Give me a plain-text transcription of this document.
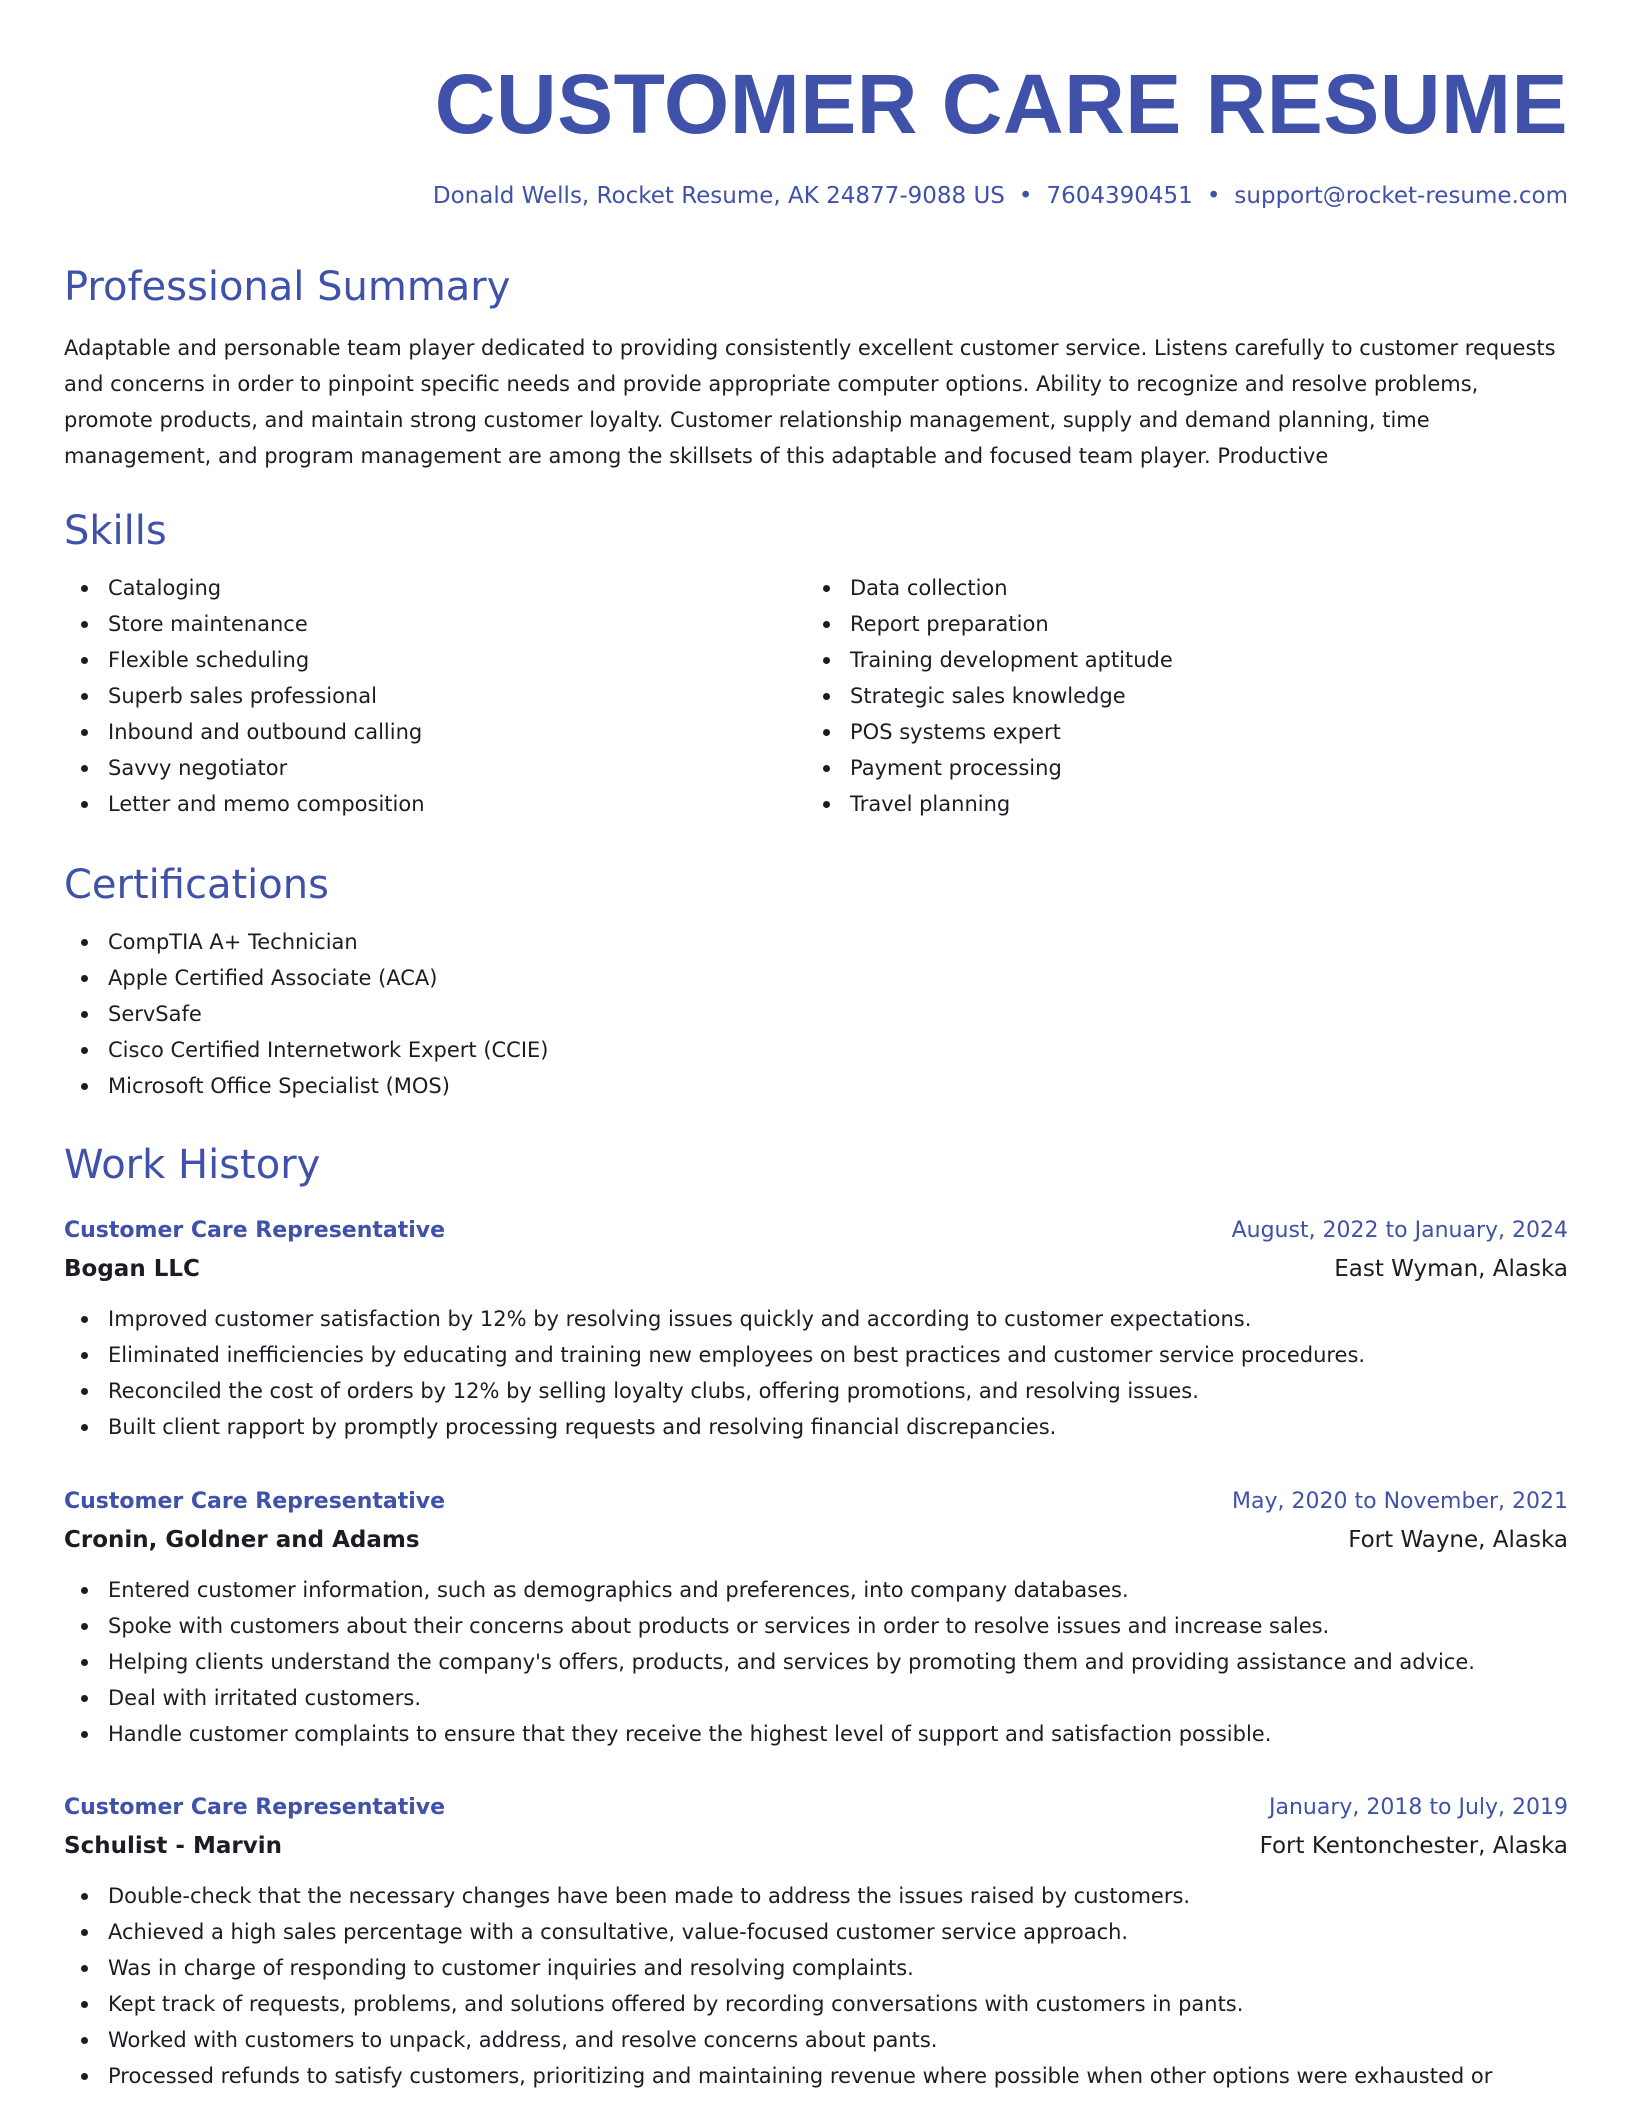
CUSTOMER CARE RESUME
Donald Wells, Rocket Resume, AK 24877-9088 US • 7604390451 • support@rocket-resume.com
Professional Summary

Adaptable and personable team player dedicated to providing consistently excellent customer service. Listens carefully to customer requests and concerns in order to pinpoint specific needs and provide appropriate computer options. Ability to recognize and resolve problems, promote products, and maintain strong customer loyalty. Customer relationship management, supply and demand planning, time management, and program management are among the skillsets of this adaptable and focused team player. Productive

Skills
Cataloging
Store maintenance
Flexible scheduling
Superb sales professional
Inbound and outbound calling
Savvy negotiator
Letter and memo composition
Data collection
Report preparation
Training development aptitude
Strategic sales knowledge
POS systems expert
Payment processing
Travel planning
Certifications
CompTIA A+ Technician
Apple Certified Associate (ACA)
ServSafe
Cisco Certified Internetwork Expert (CCIE)
Microsoft Office Specialist (MOS)
Work History
Customer Care Representative	August, 2022 to January, 2024
Bogan LLC	East Wyman, Alaska
Improved customer satisfaction by 12% by resolving issues quickly and according to customer expectations.
Eliminated inefficiencies by educating and training new employees on best practices and customer service procedures.
Reconciled the cost of orders by 12% by selling loyalty clubs, offering promotions, and resolving issues.
Built client rapport by promptly processing requests and resolving financial discrepancies.
Customer Care Representative	May, 2020 to November, 2021
Cronin, Goldner and Adams	Fort Wayne, Alaska
Entered customer information, such as demographics and preferences, into company databases.
Spoke with customers about their concerns about products or services in order to resolve issues and increase sales.
Helping clients understand the company's offers, products, and services by promoting them and providing assistance and advice.
Deal with irritated customers.
Handle customer complaints to ensure that they receive the highest level of support and satisfaction possible.
Customer Care Representative	January, 2018 to July, 2019
Schulist - Marvin	Fort Kentonchester, Alaska
Double-check that the necessary changes have been made to address the issues raised by customers.
Achieved a high sales percentage with a consultative, value-focused customer service approach.
Was in charge of responding to customer inquiries and resolving complaints.
Kept track of requests, problems, and solutions offered by recording conversations with customers in pants.
Worked with customers to unpack, address, and resolve concerns about pants.
Processed refunds to satisfy customers, prioritizing and maintaining revenue where possible when other options were exhausted or
